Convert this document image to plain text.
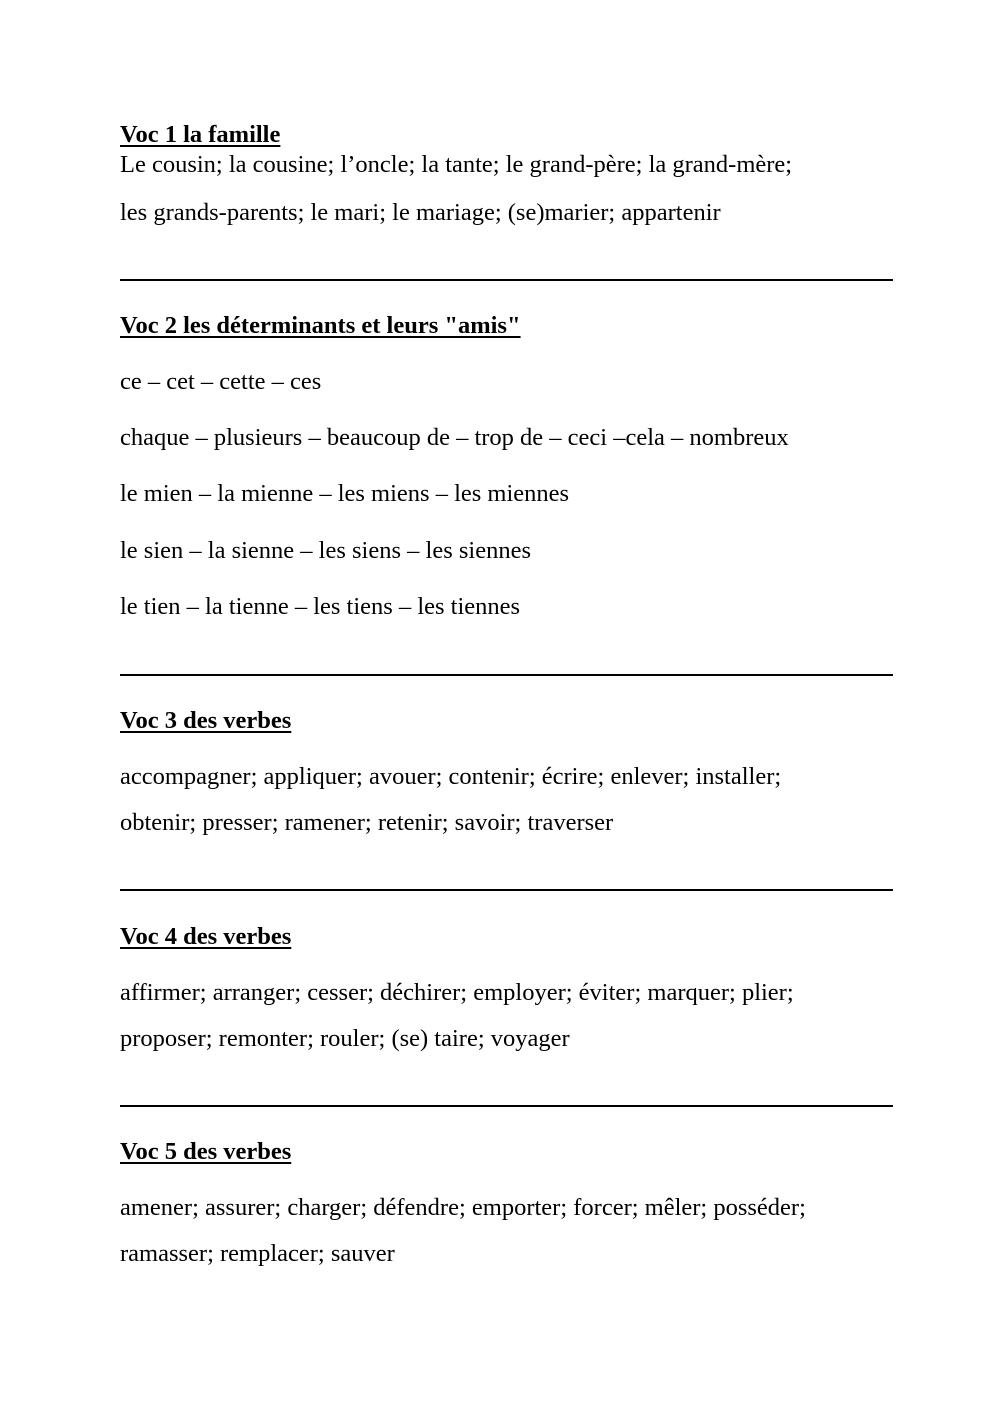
Voc 1 la famille
Le cousin; la cousine; l’oncle; la tante; le grand-père; la grand-mère;
les grands-parents; le mari; le mariage; (se)marier; appartenir
Voc 2 les déterminants et leurs "amis"
ce – cet – cette – ces
chaque – plusieurs – beaucoup de – trop de – ceci –cela – nombreux
le mien – la mienne – les miens – les miennes
le sien – la sienne – les siens – les siennes
le tien – la tienne – les tiens – les tiennes
Voc 3 des verbes
accompagner; appliquer; avouer; contenir; écrire; enlever; installer;
obtenir; presser; ramener; retenir; savoir; traverser
Voc 4 des verbes
affirmer; arranger; cesser; déchirer; employer; éviter; marquer; plier;
proposer; remonter; rouler; (se) taire; voyager
Voc 5 des verbes
amener; assurer; charger; défendre; emporter; forcer; mêler; posséder;
ramasser; remplacer; sauver
